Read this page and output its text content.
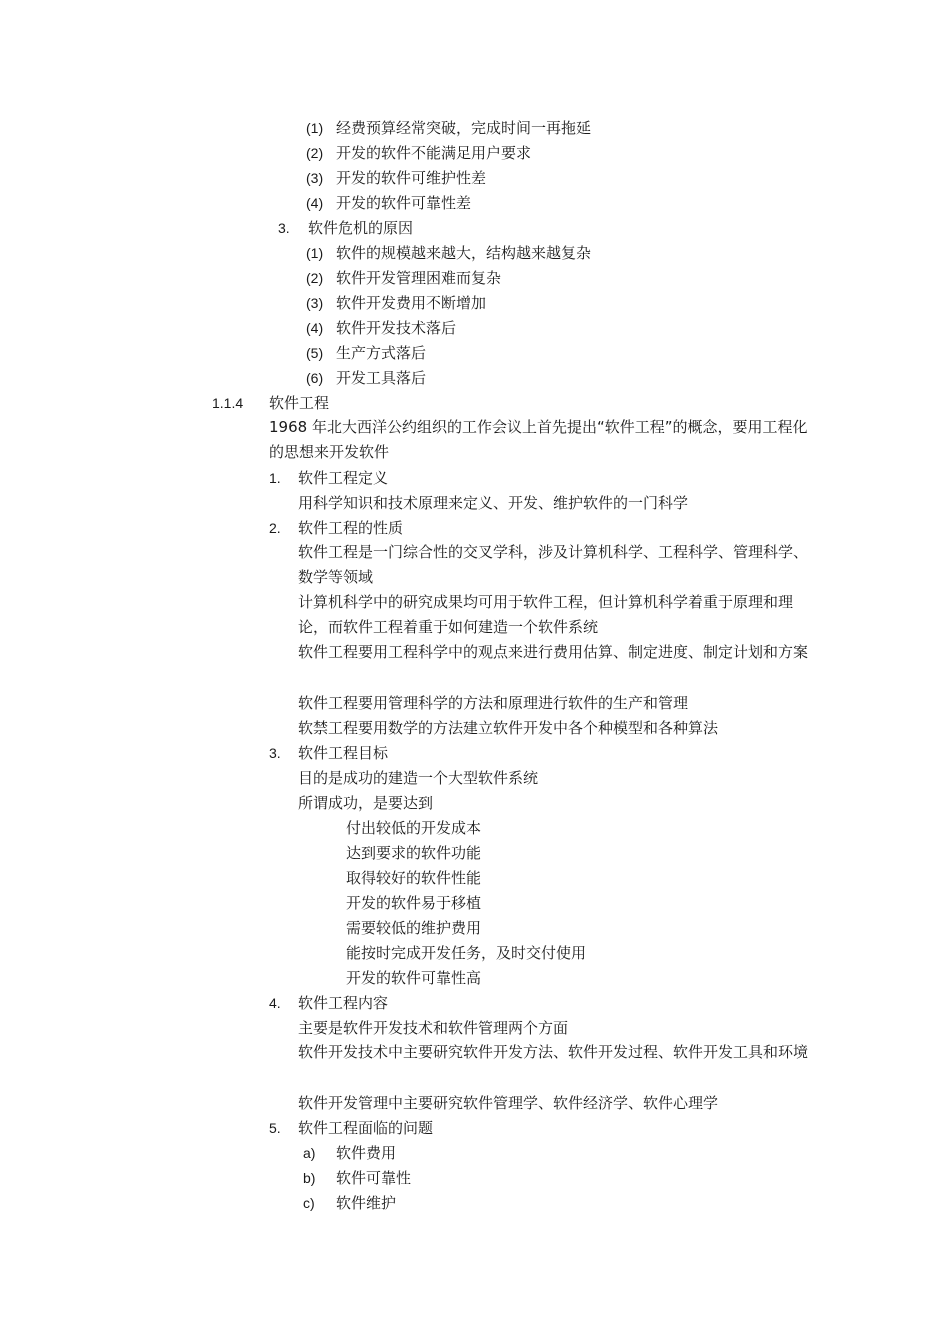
(1) 经费预算经常突破，完成时间一再拖延
(2) 开发的软件不能满足用户要求
(3) 开发的软件可维护性差
(4) 开发的软件可靠性差
3. 软件危机的原因
(1) 软件的规模越来越大，结构越来越复杂
(2) 软件开发管理困难而复杂
(3) 软件开发费用不断增加
(4) 软件开发技术落后
(5) 生产方式落后
(6) 开发工具落后
1.1.4 软件工程
1968 年北大西洋公约组织的工作会议上首先提出“软件工程”的概念，要用工程化的思想来开发软件
1. 软件工程定义
用科学知识和技术原理来定义、开发、维护软件的一门科学
2. 软件工程的性质
软件工程是一门综合性的交叉学科，涉及计算机科学、工程科学、管理科学、数学等领域
计算机科学中的研究成果均可用于软件工程，但计算机科学着重于原理和理论，而软件工程着重于如何建造一个软件系统
软件工程要用工程科学中的观点来进行费用估算、制定进度、制定计划和方案
软件工程要用管理科学的方法和原理进行软件的生产和管理
软禁工程要用数学的方法建立软件开发中各个种模型和各种算法
3. 软件工程目标
目的是成功的建造一个大型软件系统
所谓成功，是要达到
付出较低的开发成本
达到要求的软件功能
取得较好的软件性能
开发的软件易于移植
需要较低的维护费用
能按时完成开发任务，及时交付使用
开发的软件可靠性高
4. 软件工程内容
主要是软件开发技术和软件管理两个方面
软件开发技术中主要研究软件开发方法、软件开发过程、软件开发工具和环境
软件开发管理中主要研究软件管理学、软件经济学、软件心理学
5. 软件工程面临的问题
a) 软件费用
b) 软件可靠性
c) 软件维护
